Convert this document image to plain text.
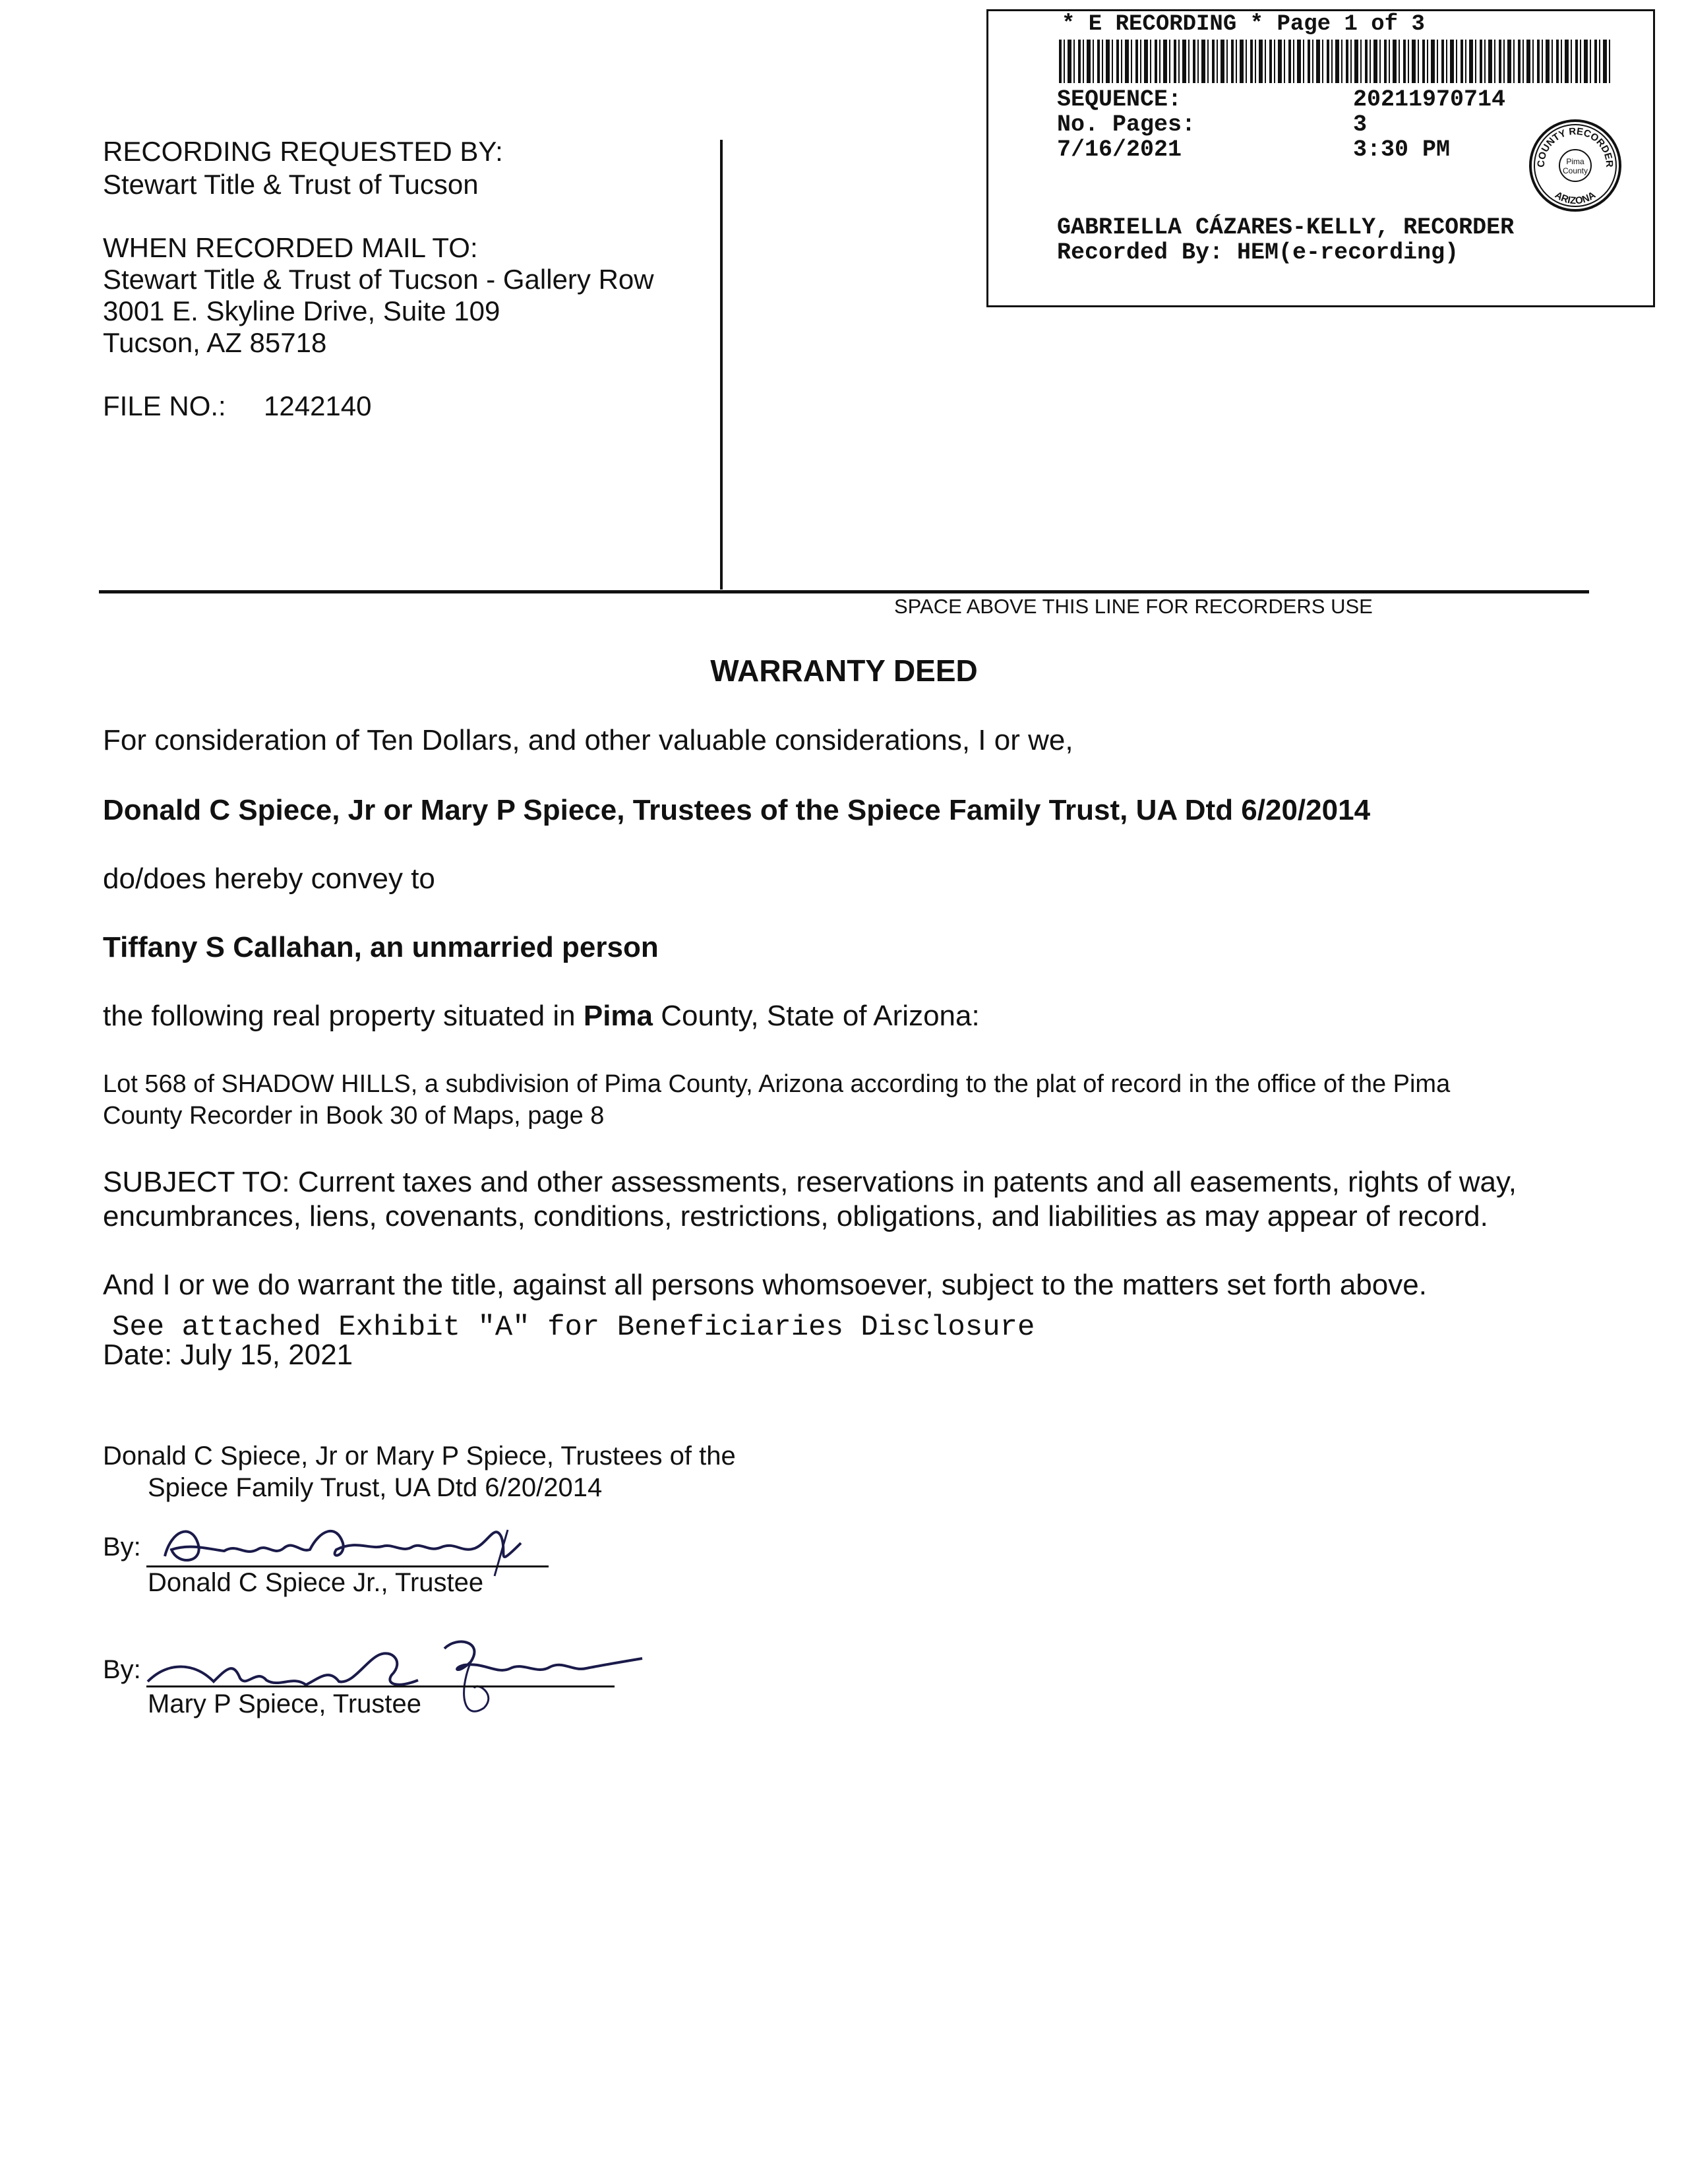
* E RECORDING * Page 1 of 3
SEQUENCE:	20211970714
No. Pages:	3
7/16/2021	3:30 PM
GABRIELLA CÁZARES-KELLY, RECORDER
Recorded By: HEM(e-recording)
COUNTY RECORDER
ARIZONA
Pima
County
RECORDING REQUESTED BY:
Stewart Title & Trust of Tucson
WHEN RECORDED MAIL TO:
Stewart Title & Trust of Tucson - Gallery Row
3001 E. Skyline Drive, Suite 109
Tucson, AZ 85718
FILE NO.: 1242140
SPACE ABOVE THIS LINE FOR RECORDERS USE
WARRANTY DEED
For consideration of Ten Dollars, and other valuable considerations, I or we,
Donald C Spiece, Jr or Mary P Spiece, Trustees of the Spiece Family Trust, UA Dtd 6/20/2014
do/does hereby convey to
Tiffany S Callahan, an unmarried person
the following real property situated in Pima County, State of Arizona:
Lot 568 of SHADOW HILLS, a subdivision of Pima County, Arizona according to the plat of record in the office of the Pima
County Recorder in Book 30 of Maps, page 8
SUBJECT TO: Current taxes and other assessments, reservations in patents and all easements, rights of way,
encumbrances, liens, covenants, conditions, restrictions, obligations, and liabilities as may appear of record.
And I or we do warrant the title, against all persons whomsoever, subject to the matters set forth above.
See attached Exhibit "A" for Beneficiaries Disclosure
Date: July 15, 2021
Donald C Spiece, Jr or Mary P Spiece, Trustees of the
Spiece Family Trust, UA Dtd 6/20/2014
By:
Donald C Spiece Jr., Trustee
By:
Mary P Spiece, Trustee
